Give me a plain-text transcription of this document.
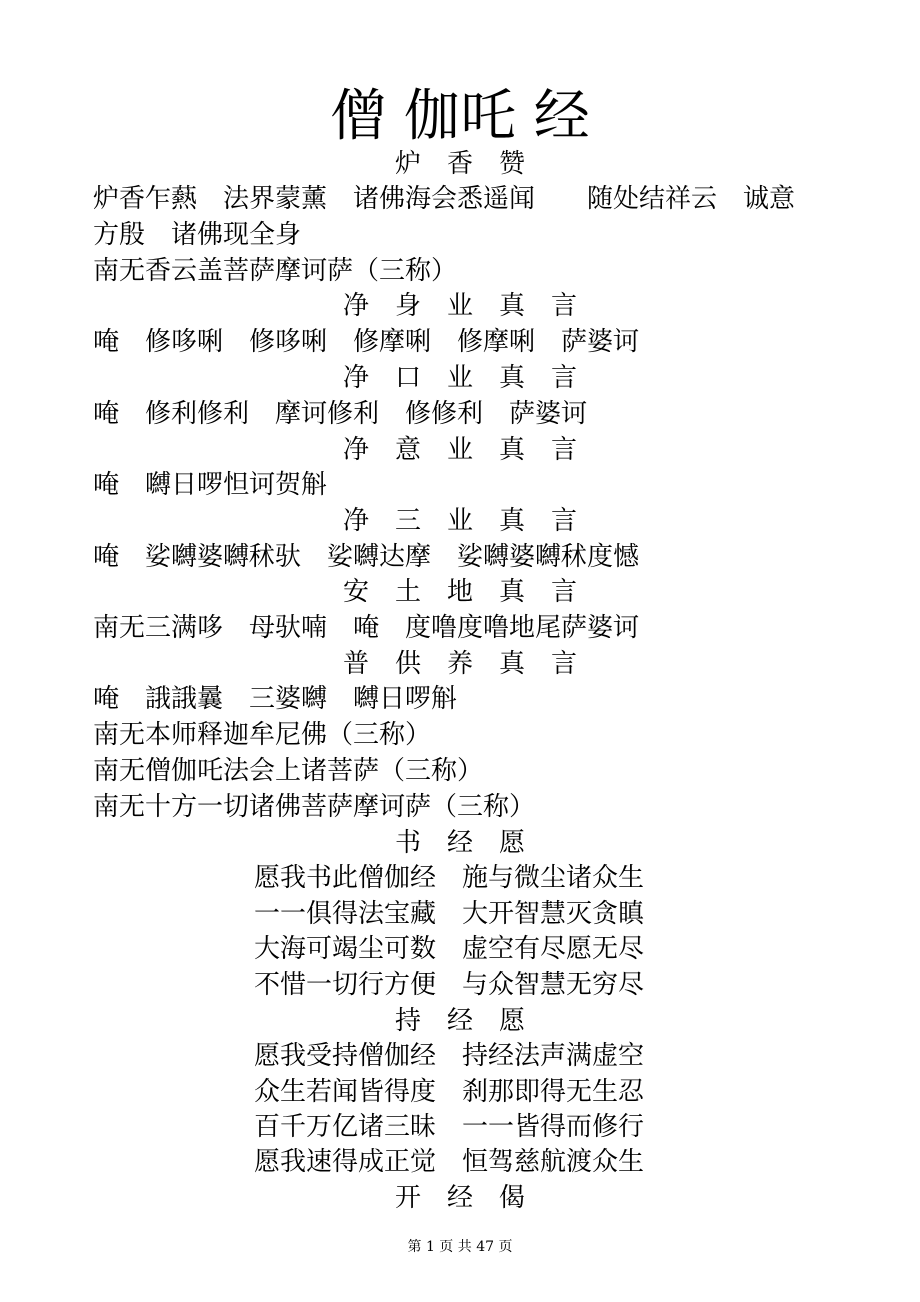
僧 伽吒 经
炉　香　赞
炉香乍爇　法界蒙薰　诸佛海会悉遥闻　　随处结祥云　诚意
方殷　诸佛现全身
南无香云盖菩萨摩诃萨（三称）
净　身　业　真　言
唵　修哆唎　修哆唎　修摩唎　修摩唎　萨婆诃
净　口　业　真　言
唵　修利修利　摩诃修利　修修利　萨婆诃
净　意　业　真　言
唵　嚩日啰怛诃贺斛
净　三　业　真　言
唵　娑嚩婆嚩秫驮　娑嚩达摩　娑嚩婆嚩秫度憾
安　土　地　真　言
南无三满哆　母驮喃　唵　度噜度噜地尾萨婆诃
普　供　养　真　言
唵　誐誐曩　三婆嚩　嚩日啰斛
南无本师释迦牟尼佛（三称）
南无僧伽吒法会上诸菩萨（三称）
南无十方一切诸佛菩萨摩诃萨（三称）
书　经　愿
愿我书此僧伽经　施与微尘诸众生
一一俱得法宝藏　大开智慧灭贪瞋
大海可竭尘可数　虚空有尽愿无尽
不惜一切行方便　与众智慧无穷尽
持　经　愿
愿我受持僧伽经　持经法声满虚空
众生若闻皆得度　刹那即得无生忍
百千万亿诸三昧　一一皆得而修行
愿我速得成正觉　恒驾慈航渡众生
开　经　偈
第 1 页 共 47 页
